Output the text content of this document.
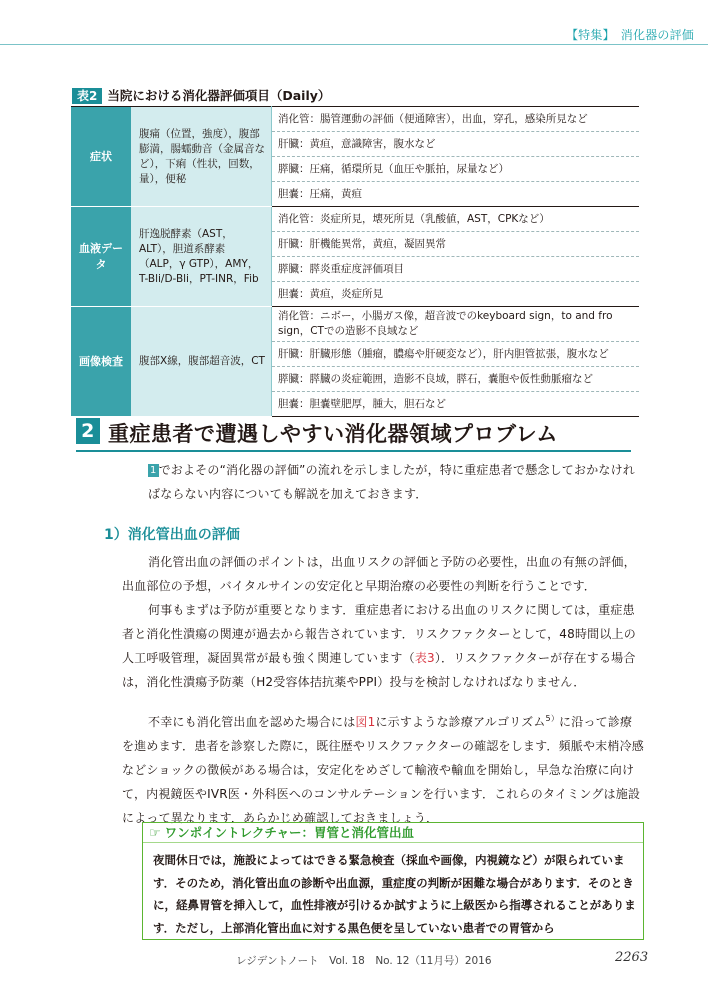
【特集】 消化器の評価
表2 当院における消化器評価項目（Daily）
症状	腹痛（位置，強度），腹部膨満，腸蠕動音（金属音など），下痢（性状，回数，量），便秘	消化管：腸管運動の評価（便通障害），出血，穿孔，感染所見など
		肝臓：黄疸，意識障害，腹水など
		膵臓：圧痛，循環所見（血圧や脈拍，尿量など）
		胆嚢：圧痛，黄疸
血液データ	肝逸脱酵素（AST，ALT），胆道系酵素（ALP，γ GTP），AMY，T-Bli/D-Bli，PT-INR，Fib	消化管：炎症所見，壊死所見（乳酸値，AST，CPKなど）
		肝臓：肝機能異常，黄疸，凝固異常
		膵臓：膵炎重症度評価項目
		胆嚢：黄疸，炎症所見
画像検査	腹部X線，腹部超音波，CT	消化管：ニボー，小腸ガス像，超音波でのkeyboard sign，to and fro sign，CTでの造影不良域など
		肝臓：肝臓形態（腫瘤，膿瘍や肝硬変など），肝内胆管拡張，腹水など
		膵臓：膵臓の炎症範囲，造影不良域，膵石，嚢胞や仮性動脈瘤など
		胆嚢：胆嚢壁肥厚，腫大，胆石など
2 重症患者で遭遇しやすい消化器領域プロブレム
1 でおよその“消化器の評価”の流れを示しましたが，特に重症患者で懸念しておかなければならない内容についても解説を加えておきます．
1）消化管出血の評価
消化管出血の評価のポイントは，出血リスクの評価と予防の必要性，出血の有無の評価，出血部位の予想，バイタルサインの安定化と早期治療の必要性の判断を行うことです．
何事もまずは予防が重要となります．重症患者における出血のリスクに関しては，重症患者と消化性潰瘍の関連が過去から報告されています．リスクファクターとして，48時間以上の人工呼吸管理，凝固異常が最も強く関連しています（表3）．リスクファクターが存在する場合は，消化性潰瘍予防薬（H2受容体拮抗薬やPPI）投与を検討しなければなりません．
不幸にも消化管出血を認めた場合には図1に示すような診療アルゴリズム$^{5)}$に沿って診療を進めます．患者を診察した際に，既往歴やリスクファクターの確認をします．頻脈や末梢冷感などショックの徴候がある場合は，安定化をめざして輸液や輸血を開始し，早急な治療に向けて，内視鏡医やIVR医・外科医へのコンサルテーションを行います．これらのタイミングは施設によって異なります．あらかじめ確認しておきましょう．
☞ ワンポイントレクチャー：胃管と消化管出血
夜間休日では，施設によってはできる緊急検査（採血や画像，内視鏡など）が限られています．そのため，消化管出血の診断や出血源，重症度の判断が困難な場合があります．そのときに，経鼻胃管を挿入して，血性排液が引けるか試すように上級医から指導されることがあります．ただし，上部消化管出血に対する黒色便を呈していない患者での胃管から
レジデントノート　Vol. 18　No. 12（11月号）2016	2263
